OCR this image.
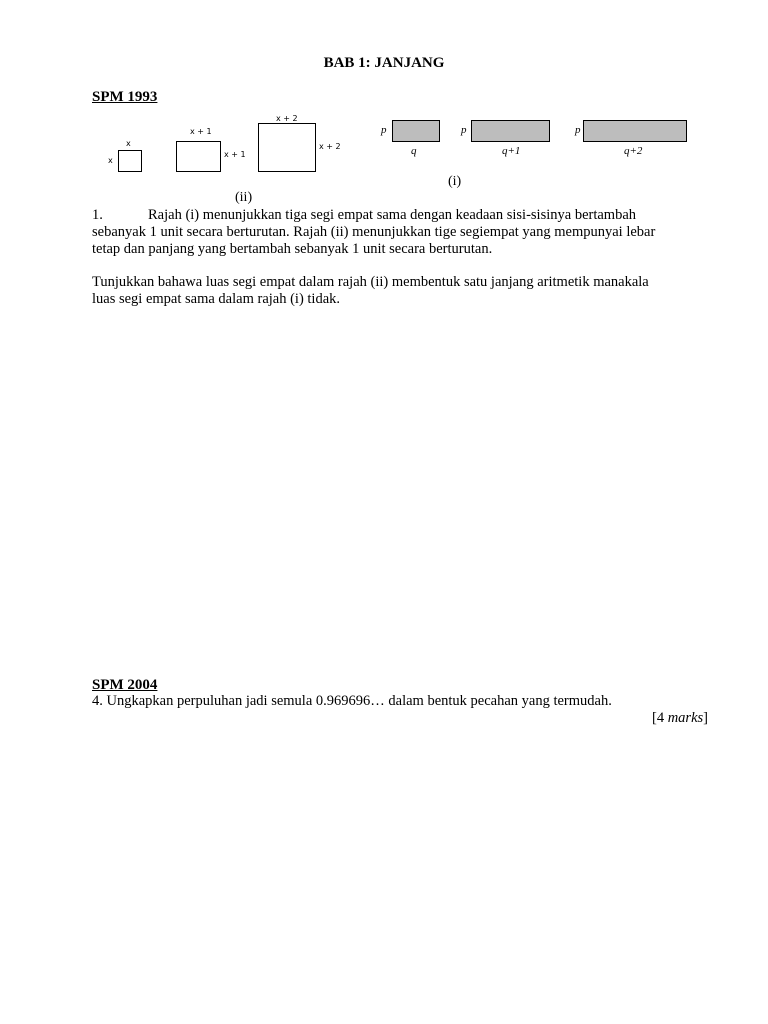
BAB 1: JANJANG
SPM 1993
x
x
x + 1
x + 1
x + 2
x + 2
(ii)
p
q
p
q+1
p
q+2
(i)
1.	Rajah (i) menunjukkan tiga segi empat sama dengan keadaan sisi-sisinya bertambah
sebanyak 1 unit secara berturutan. Rajah (ii) menunjukkan tige segiempat yang mempunyai lebar
tetap dan panjang yang bertambah sebanyak 1 unit secara berturutan.
Tunjukkan bahawa luas segi empat dalam rajah (ii) membentuk satu janjang aritmetik manakala
luas segi empat sama dalam rajah (i) tidak.
SPM 2004
4. Ungkapkan perpuluhan jadi semula 0.969696… dalam bentuk pecahan yang termudah.
[4 marks]
